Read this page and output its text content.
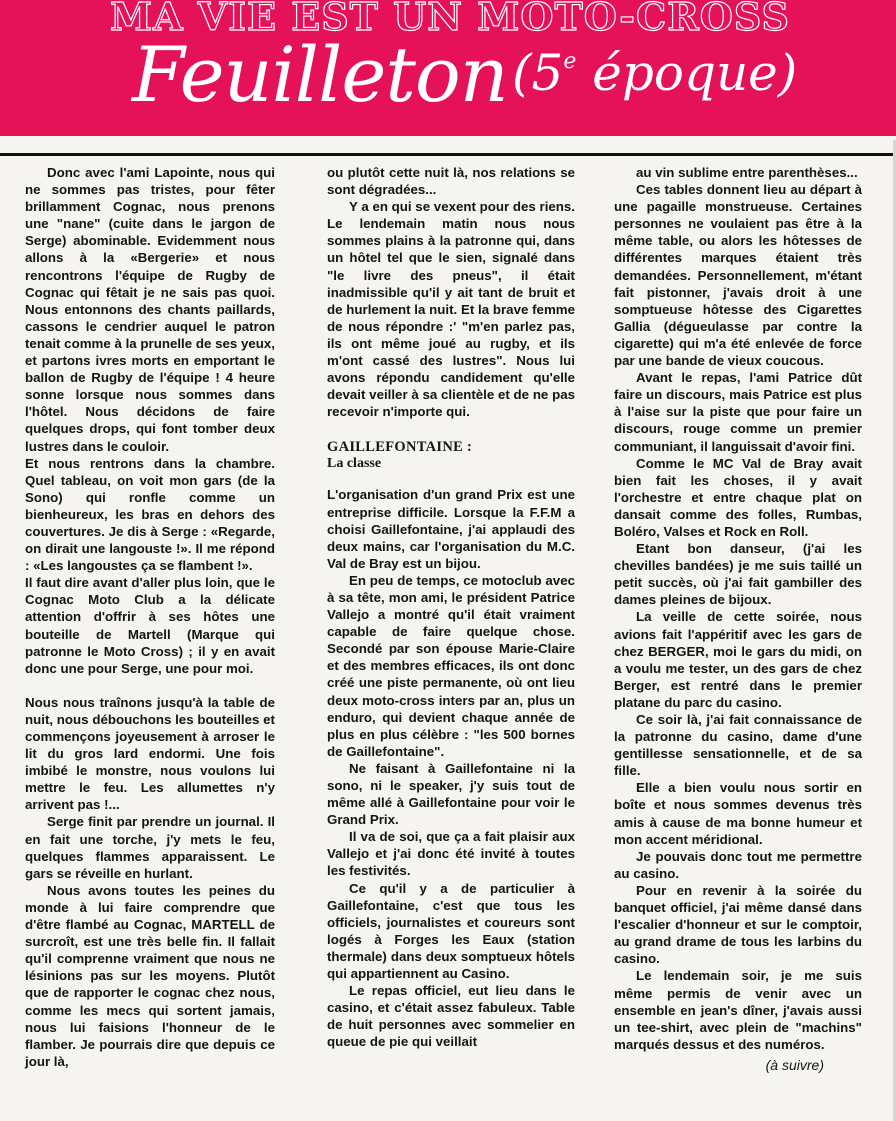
MA VIE EST UN MOTO-CROSS
Feuilleton (5e époque)

Donc avec l'ami Lapointe, nous qui ne sommes pas tristes, pour fêter brillamment Cognac, nous prenons une "nane" (cuite dans le jargon de Serge) abominable. Evidemment nous allons à la «Bergerie» et nous rencontrons l'équipe de Rugby de Cognac qui fêtait je ne sais pas quoi. Nous entonnons des chants paillards, cassons le cendrier auquel le patron tenait comme à la prunelle de ses yeux, et partons ivres morts en emportant le ballon de Rugby de l'équipe ! 4 heure sonne lorsque nous sommes dans l'hôtel. Nous décidons de faire quelques drops, qui font tomber deux lustres dans le couloir.

Et nous rentrons dans la chambre. Quel tableau, on voit mon gars (de la Sono) qui ronfle comme un bienheureux, les bras en dehors des couvertures. Je dis à Serge : «Regarde, on dirait une langouste !». Il me répond : «Les langoustes ça se flambent !».

Il faut dire avant d'aller plus loin, que le Cognac Moto Club a la délicate attention d'offrir à ses hôtes une bouteille de Martell (Marque qui patronne le Moto Cross) ; il y en avait donc une pour Serge, une pour moi.

Nous nous traînons jusqu'à la table de nuit, nous débouchons les bouteilles et commençons joyeusement à arroser le lit du gros lard endormi. Une fois imbibé le monstre, nous voulons lui mettre le feu. Les allumettes n'y arrivent pas !...

Serge finit par prendre un journal. Il en fait une torche, j'y mets le feu, quelques flammes apparaissent. Le gars se réveille en hurlant.

Nous avons toutes les peines du monde à lui faire comprendre que d'être flambé au Cognac, MARTELL de surcroît, est une très belle fin. Il fallait qu'il comprenne vraiment que nous ne lésinions pas sur les moyens. Plutôt que de rapporter le cognac chez nous, comme les mecs qui sortent jamais, nous lui faisions l'honneur de le flamber. Je pourrais dire que depuis ce jour là,

ou plutôt cette nuit là, nos relations se sont dégradées...

Y a en qui se vexent pour des riens. Le lendemain matin nous nous sommes plains à la patronne qui, dans un hôtel tel que le sien, signalé dans "le livre des pneus", il était inadmissible qu'il y ait tant de bruit et de hurlement la nuit. Et la brave femme de nous répondre :' "m'en parlez pas, ils ont même joué au rugby, et ils m'ont cassé des lustres". Nous lui avons répondu candidement qu'elle devait veiller à sa clientèle et de ne pas recevoir n'importe qui.

GAILLEFONTAINE :
La classe

L'organisation d'un grand Prix est une entreprise difficile. Lorsque la F.F.M a choisi Gaillefontaine, j'ai applaudi des deux mains, car l'organisation du M.C. Val de Bray est un bijou.

En peu de temps, ce motoclub avec à sa tête, mon ami, le président Patrice Vallejo a montré qu'il était vraiment capable de faire quelque chose. Secondé par son épouse Marie-Claire et des membres efficaces, ils ont donc créé une piste permanente, où ont lieu deux moto-cross inters par an, plus un enduro, qui devient chaque année de plus en plus célèbre : "les 500 bornes de Gaillefontaine".

Ne faisant à Gaillefontaine ni la sono, ni le speaker, j'y suis tout de même allé à Gaillefontaine pour voir le Grand Prix.

Il va de soi, que ça a fait plaisir aux Vallejo et j'ai donc été invité à toutes les festivités.

Ce qu'il y a de particulier à Gaillefontaine, c'est que tous les officiels, journalistes et coureurs sont logés à Forges les Eaux (station thermale) dans deux somptueux hôtels qui appartiennent au Casino.

Le repas officiel, eut lieu dans le casino, et c'était assez fabuleux. Table de huit personnes avec sommelier en queue de pie qui veillait

au vin sublime entre parenthèses...

Ces tables donnent lieu au départ à une pagaille monstrueuse. Certaines personnes ne voulaient pas être à la même table, ou alors les hôtesses de différentes marques étaient très demandées. Personnellement, m'étant fait pistonner, j'avais droit à une somptueuse hôtesse des Cigarettes Gallia (dégueulasse par contre la cigarette) qui m'a été enlevée de force par une bande de vieux coucous.

Avant le repas, l'ami Patrice dût faire un discours, mais Patrice est plus à l'aise sur la piste que pour faire un discours, rouge comme un premier communiant, il languissait d'avoir fini.

Comme le MC Val de Bray avait bien fait les choses, il y avait l'orchestre et entre chaque plat on dansait comme des folles, Rumbas, Boléro, Valses et Rock en Roll.

Etant bon danseur, (j'ai les chevilles bandées) je me suis taillé un petit succès, où j'ai fait gambiller des dames pleines de bijoux.

La veille de cette soirée, nous avions fait l'appéritif avec les gars de chez BERGER, moi le gars du midi, on a voulu me tester, un des gars de chez Berger, est rentré dans le premier platane du parc du casino.

Ce soir là, j'ai fait connaissance de la patronne du casino, dame d'une gentillesse sensationnelle, et de sa fille.

Elle a bien voulu nous sortir en boîte et nous sommes devenus très amis à cause de ma bonne humeur et mon accent méridional.

Je pouvais donc tout me permettre au casino.

Pour en revenir à la soirée du banquet officiel, j'ai même dansé dans l'escalier d'honneur et sur le comptoir, au grand drame de tous les larbins du casino.

Le lendemain soir, je me suis même permis de venir avec un ensemble en jean's dîner, j'avais aussi un tee-shirt, avec plein de "machins" marqués dessus et des numéros.

(à suivre)
